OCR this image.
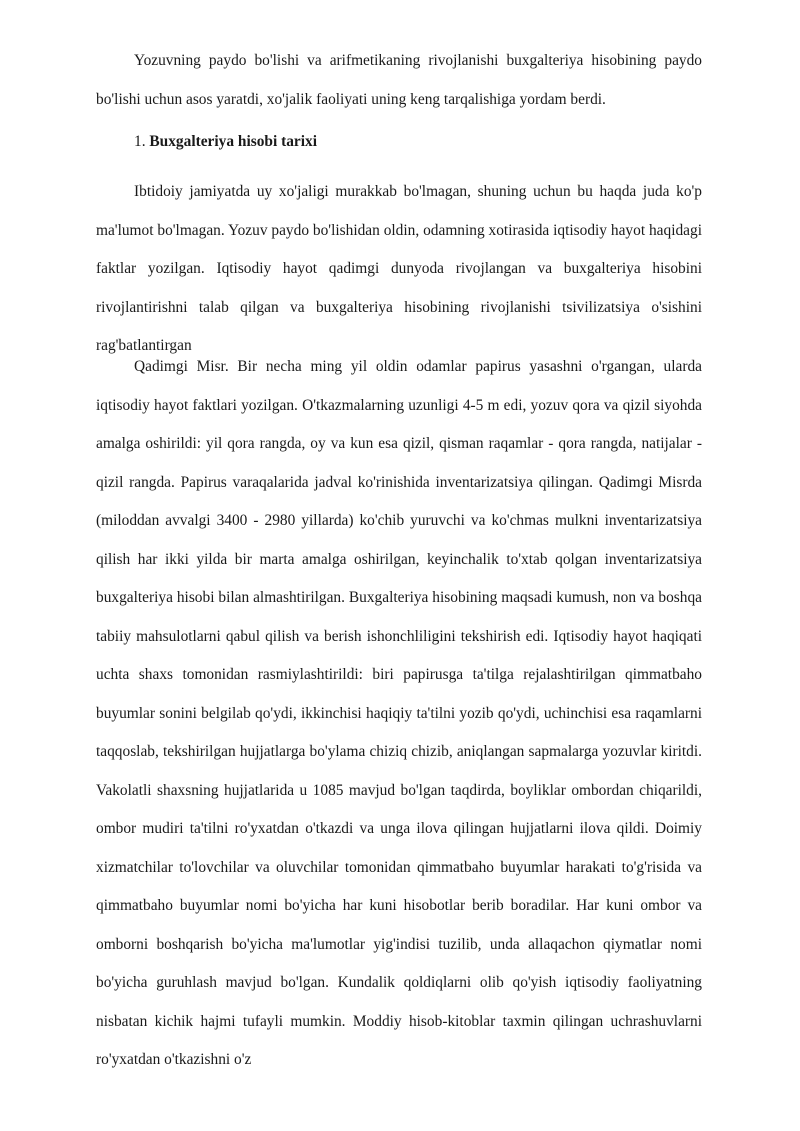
Yozuvning paydo bo'lishi va arifmetikaning rivojlanishi buxgalteriya hisobining paydo bo'lishi uchun asos yaratdi, xo'jalik faoliyati uning keng tarqalishiga yordam berdi.

1. Buxgalteriya hisobi tarixi

Ibtidoiy jamiyatda uy xo'jaligi murakkab bo'lmagan, shuning uchun bu haqda juda ko'p ma'lumot bo'lmagan. Yozuv paydo bo'lishidan oldin, odamning xotirasida iqtisodiy hayot haqidagi faktlar yozilgan. Iqtisodiy hayot qadimgi dunyoda rivojlangan va buxgalteriya hisobini rivojlantirishni talab qilgan va buxgalteriya hisobining rivojlanishi tsivilizatsiya o'sishini rag'batlantirgan

Qadimgi Misr. Bir necha ming yil oldin odamlar papirus yasashni o'rgangan, ularda iqtisodiy hayot faktlari yozilgan. O'tkazmalarning uzunligi 4-5 m edi, yozuv qora va qizil siyohda amalga oshirildi: yil qora rangda, oy va kun esa qizil, qisman raqamlar - qora rangda, natijalar - qizil rangda. Papirus varaqalarida jadval ko'rinishida inventarizatsiya qilingan. Qadimgi Misrda (miloddan avvalgi 3400 - 2980 yillarda) ko'chib yuruvchi va ko'chmas mulkni inventarizatsiya qilish har ikki yilda bir marta amalga oshirilgan, keyinchalik to'xtab qolgan inventarizatsiya buxgalteriya hisobi bilan almashtirilgan. Buxgalteriya hisobining maqsadi kumush, non va boshqa tabiiy mahsulotlarni qabul qilish va berish ishonchliligini tekshirish edi. Iqtisodiy hayot haqiqati uchta shaxs tomonidan rasmiylashtirildi: biri papirusga ta'tilga rejalashtirilgan qimmatbaho buyumlar sonini belgilab qo'ydi, ikkinchisi haqiqiy ta'tilni yozib qo'ydi, uchinchisi esa raqamlarni taqqoslab, tekshirilgan hujjatlarga bo'ylama chiziq chizib, aniqlangan sapmalarga yozuvlar kiritdi. Vakolatli shaxsning hujjatlarida u 1085 mavjud bo'lgan taqdirda, boyliklar ombordan chiqarildi, ombor mudiri ta'tilni ro'yxatdan o'tkazdi va unga ilova qilingan hujjatlarni ilova qildi. Doimiy xizmatchilar to'lovchilar va oluvchilar tomonidan qimmatbaho buyumlar harakati to'g'risida va qimmatbaho buyumlar nomi bo'yicha har kuni hisobotlar berib boradilar. Har kuni ombor va omborni boshqarish bo'yicha ma'lumotlar yig'indisi tuzilib, unda allaqachon qiymatlar nomi bo'yicha guruhlash mavjud bo'lgan. Kundalik qoldiqlarni olib qo'yish iqtisodiy faoliyatning nisbatan kichik hajmi tufayli mumkin. Moddiy hisob-kitoblar taxmin qilingan uchrashuvlarni ro'yxatdan o'tkazishni o'z
